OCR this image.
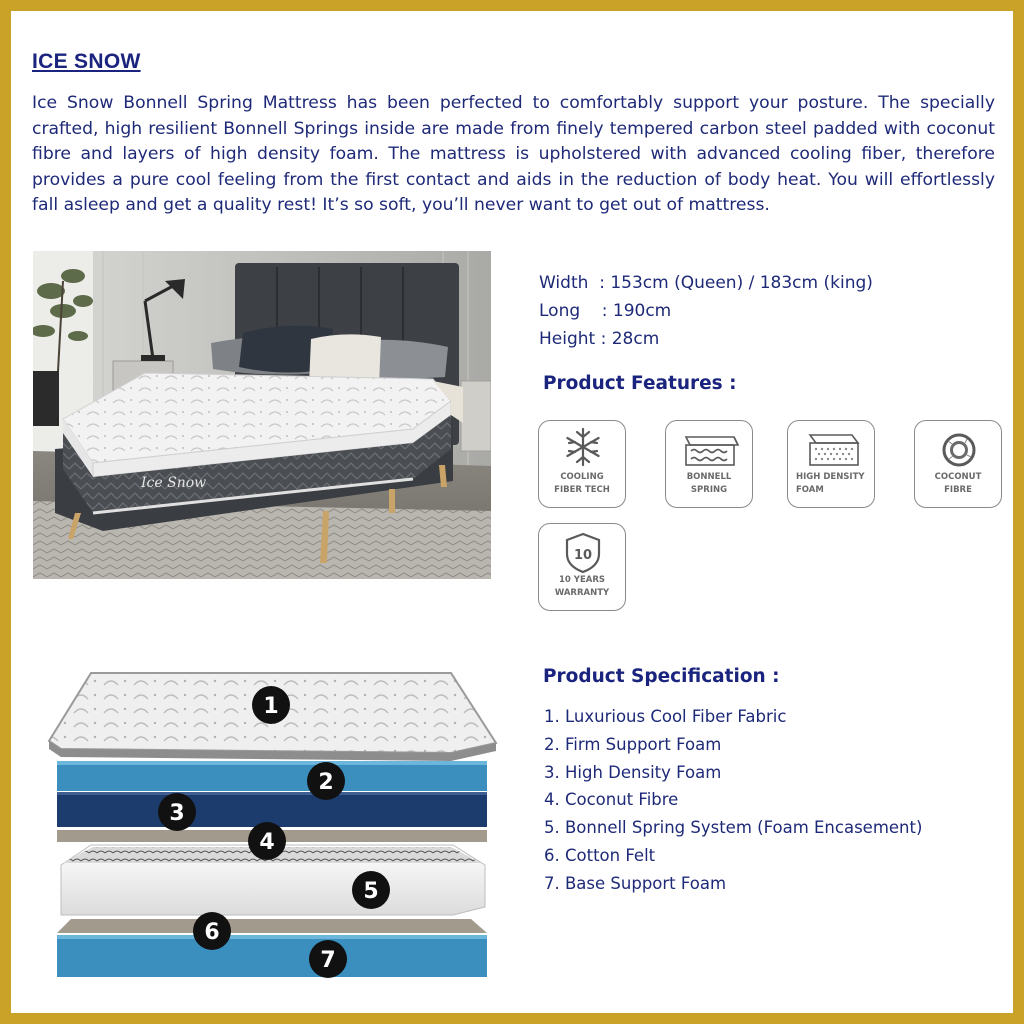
ICE SNOW
Ice Snow Bonnell Spring Mattress has been perfected to comfortably support your posture. The specially crafted, high resilient Bonnell Springs inside are made from finely tempered carbon steel padded with coconut fibre and layers of high density foam. The mattress is upholstered with advanced cooling fiber, therefore provides a pure cool feeling from the first contact and aids in the reduction of body heat. You will effortlessly fall asleep and get a quality rest! It’s so soft, you’ll never want to get out of mattress.
Ice Snow
Width  : 153cm (Queen) / 183cm (king)
Long    : 190cm
Height : 28cm
Product Features :
COOLING
FIBER TECH
BONNELL
SPRING
HIGH DENSITY
FOAM
COCONUT
FIBRE
10
10 YEARS
WARRANTY
1
2
3
4
5
6
7
Product Specification :
1. Luxurious Cool Fiber Fabric
2. Firm Support Foam
3. High Density Foam
4. Coconut Fibre
5. Bonnell Spring System (Foam Encasement)
6. Cotton Felt
7. Base Support Foam
